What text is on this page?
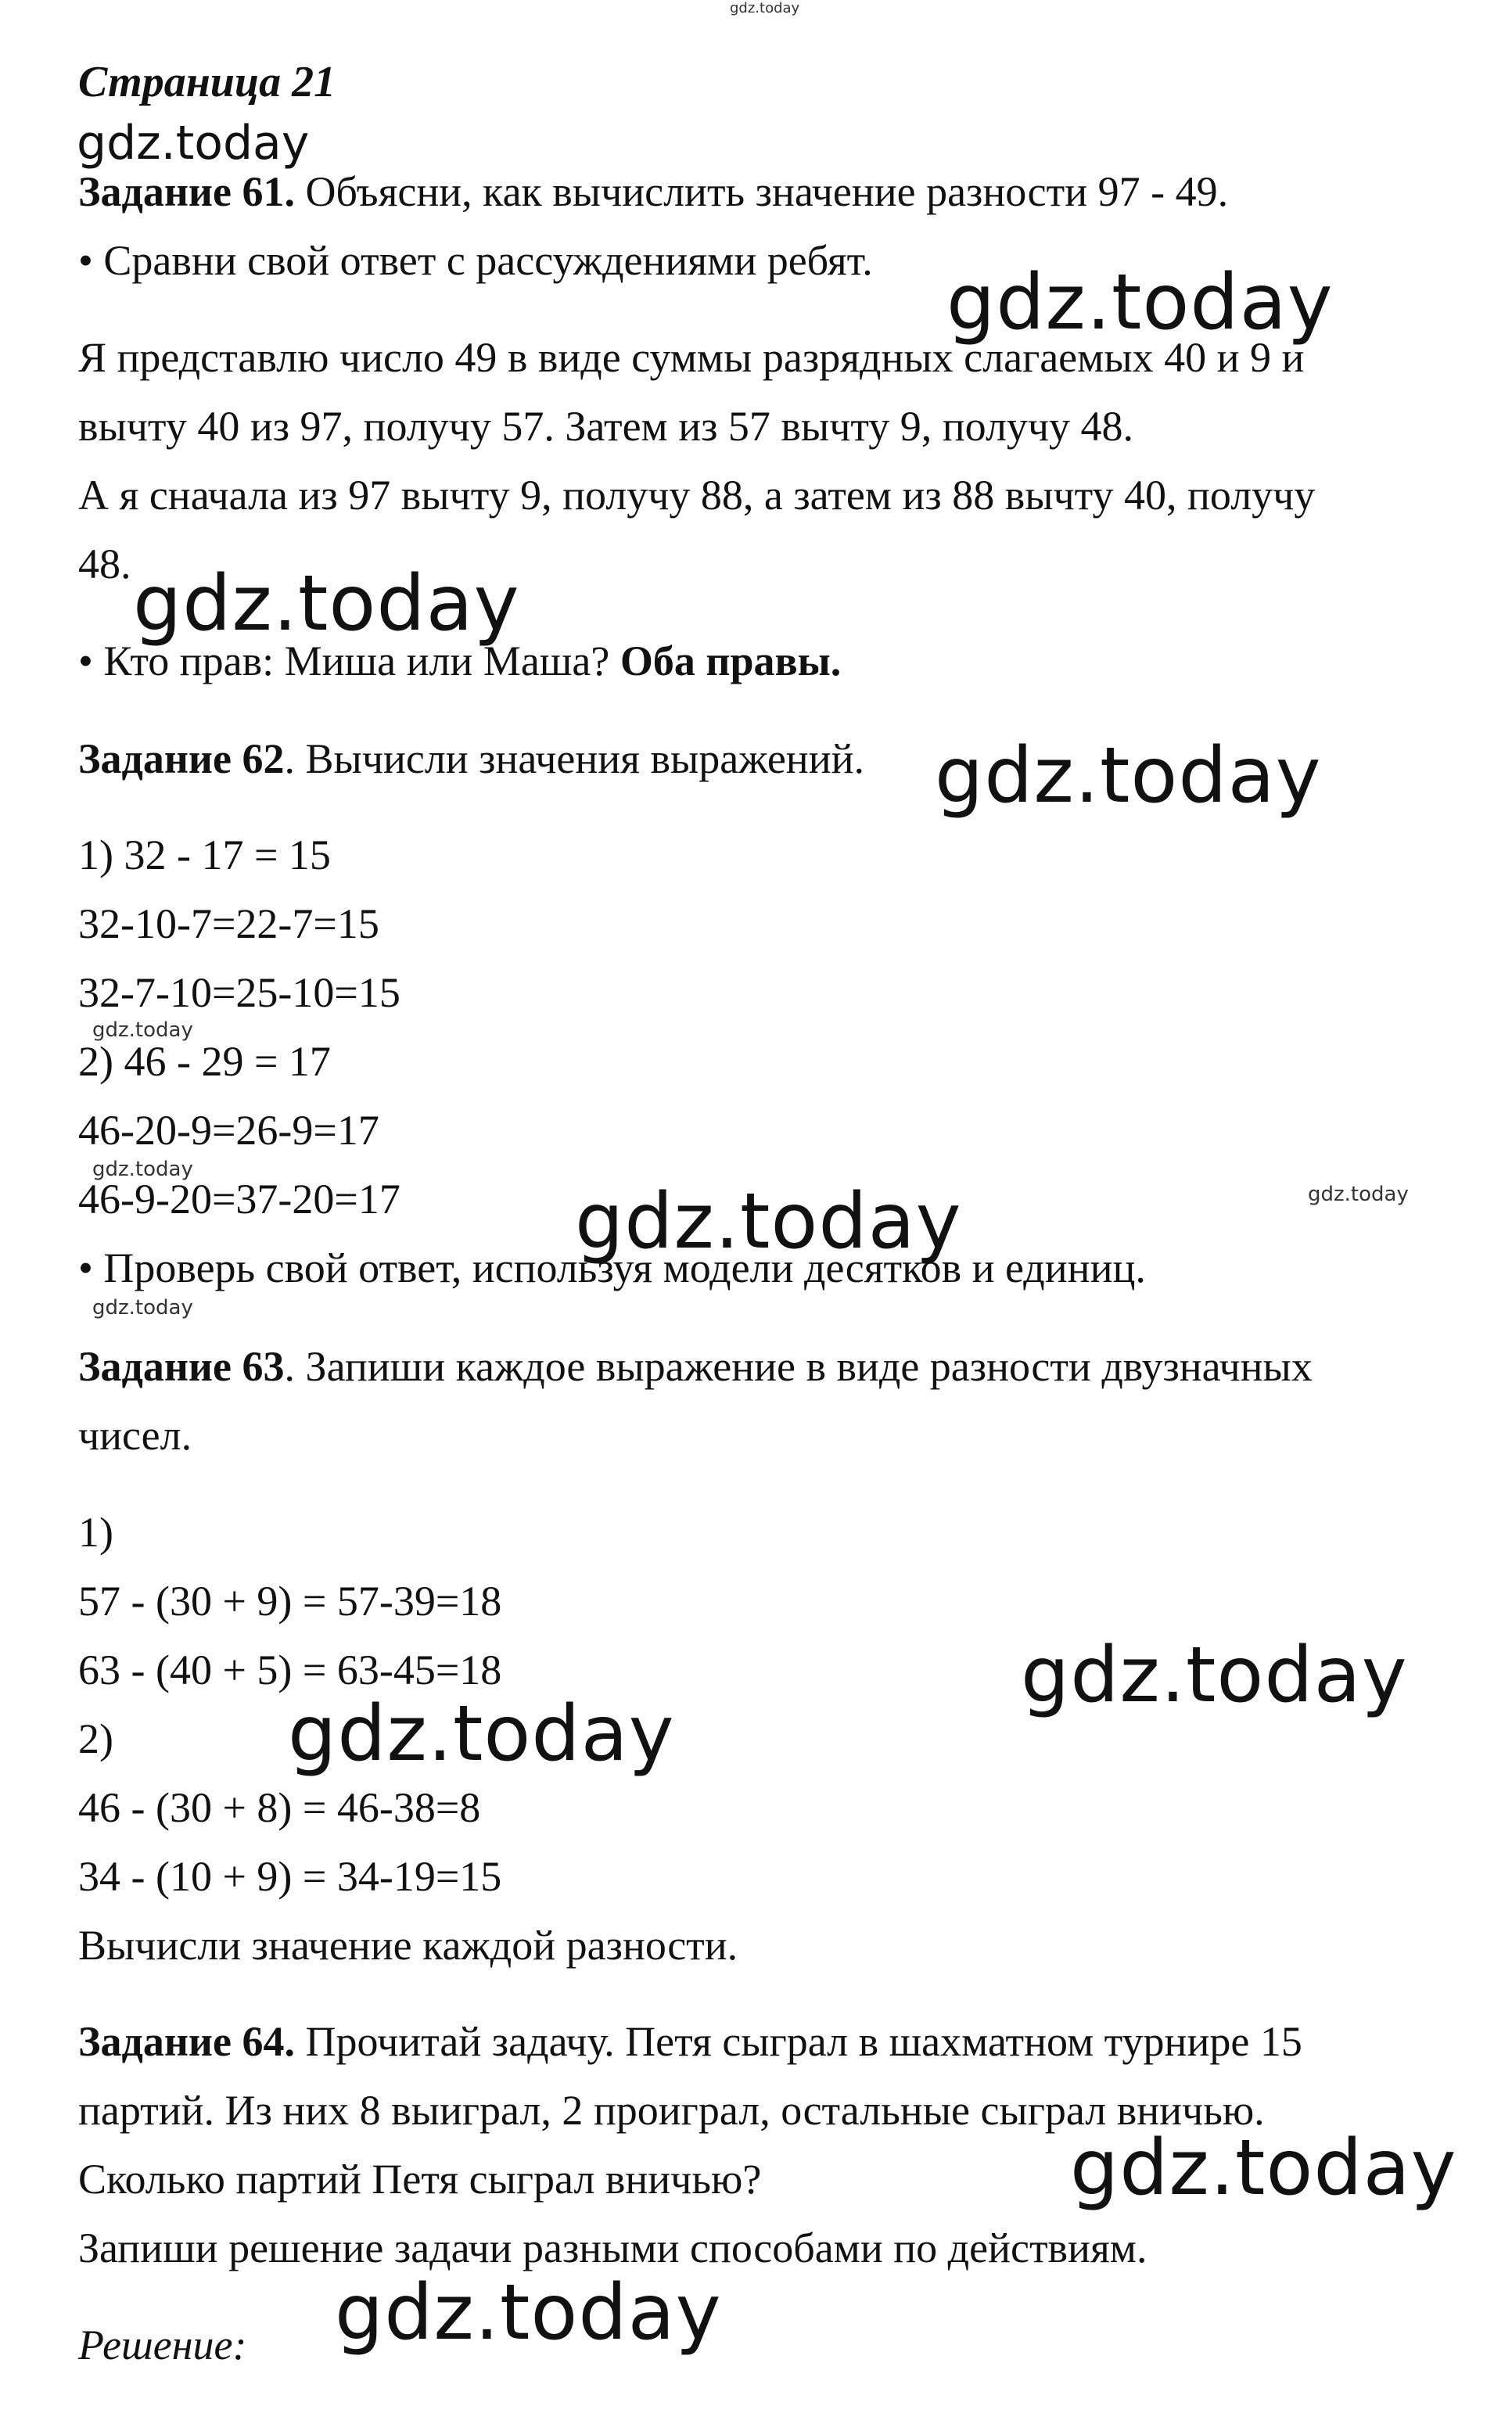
gdz.today
gdz.today
gdz.today
gdz.today
gdz.today
gdz.today
gdz.today
gdz.today
gdz.today
gdz.today
gdz.today
gdz.today
gdz.today
gdz.today
Страница 21
Задание 61. Объясни, как вычислить значение разности 97 - 49.
• Сравни свой ответ с рассуждениями ребят.
Я представлю число 49 в виде суммы разрядных слагаемых 40 и 9 и
вычту 40 из 97, получу 57. Затем из 57 вычту 9, получу 48.
А я сначала из 97 вычту 9, получу 88, а затем из 88 вычту 40, получу
48.
• Кто прав: Миша или Маша? Оба правы.
Задание 62. Вычисли значения выражений.
1) 32 - 17 = 15
32-10-7=22-7=15
32-7-10=25-10=15
2) 46 - 29 = 17
46-20-9=26-9=17
46-9-20=37-20=17
• Проверь свой ответ, используя модели десятков и единиц.
Задание 63. Запиши каждое выражение в виде разности двузначных
чисел.
1)
57 - (30 + 9) = 57-39=18
63 - (40 + 5) = 63-45=18
2)
46 - (30 + 8) = 46-38=8
34 - (10 + 9) = 34-19=15
Вычисли значение каждой разности.
Задание 64. Прочитай задачу. Петя сыграл в шахматном турнире 15
партий. Из них 8 выиграл, 2 проиграл, остальные сыграл вничью.
Сколько партий Петя сыграл вничью?
Запиши решение задачи разными способами по действиям.
Решение:
